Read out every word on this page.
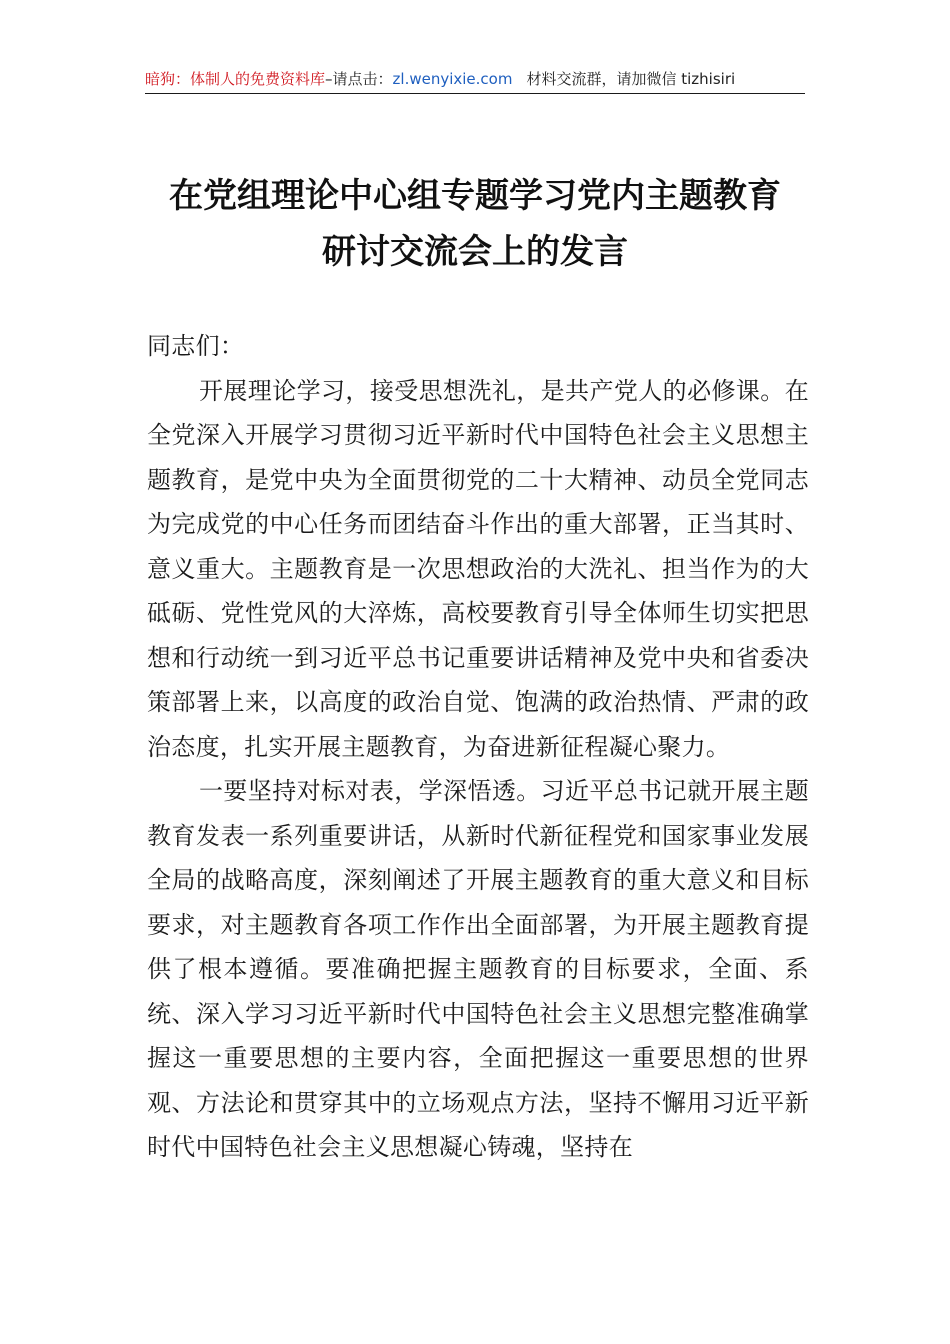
暗狗：体制人的免费资料库–请点击：zl.wenyixie.com 材料交流群，请加微信 tizhisiri
在党组理论中心组专题学习党内主题教育
研讨交流会上的发言

同志们：

开展理论学习，接受思想洗礼，是共产党人的必修课。在全党深入开展学习贯彻习近平新时代中国特色社会主义思想主题教育，是党中央为全面贯彻党的二十大精神、动员全党同志为完成党的中心任务而团结奋斗作出的重大部署，正当其时、意义重大。主题教育是一次思想政治的大洗礼、担当作为的大砥砺、党性党风的大淬炼，高校要教育引导全体师生切实把思想和行动统一到习近平总书记重要讲话精神及党中央和省委决策部署上来，以高度的政治自觉、饱满的政治热情、严肃的政治态度，扎实开展主题教育，为奋进新征程凝心聚力。

一要坚持对标对表，学深悟透。习近平总书记就开展主题教育发表一系列重要讲话，从新时代新征程党和国家事业发展全局的战略高度，深刻阐述了开展主题教育的重大意义和目标要求，对主题教育各项工作作出全面部署，为开展主题教育提供了根本遵循。要准确把握主题教育的目标要求，全面、系统、深入学习习近平新时代中国特色社会主义思想完整准确掌握这一重要思想的主要内容，全面把握这一重要思想的世界观、方法论和贯穿其中的立场观点方法，坚持不懈用习近平新时代中国特色社会主义思想凝心铸魂，坚持在
